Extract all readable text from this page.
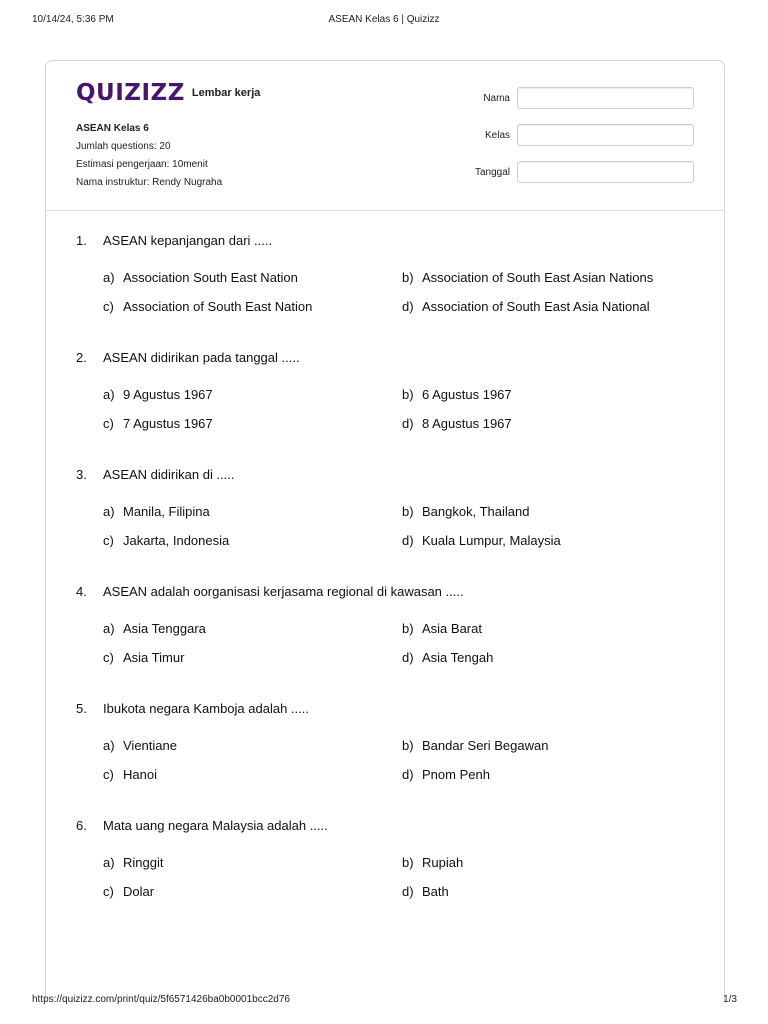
10/14/24, 5:36 PM	ASEAN Kelas 6 | Quizizz
QUIZIZZ Lembar kerja
ASEAN Kelas 6
Jumlah questions: 20
Estimasi pengerjaan: 10menit
Nama instruktur: Rendy Nugraha
Nama
Kelas
Tanggal
1. ASEAN kepanjangan dari .....
a) Association South East Nation	b) Association of South East Asian Nations
c) Association of South East Nation	d) Association of South East Asia National
2. ASEAN didirikan pada tanggal .....
a) 9 Agustus 1967	b) 6 Agustus 1967
c) 7 Agustus 1967	d) 8 Agustus 1967
3. ASEAN didirikan di .....
a) Manila, Filipina	b) Bangkok, Thailand
c) Jakarta, Indonesia	d) Kuala Lumpur, Malaysia
4. ASEAN adalah oorganisasi kerjasama regional di kawasan .....
a) Asia Tenggara	b) Asia Barat
c) Asia Timur	d) Asia Tengah
5. Ibukota negara Kamboja adalah .....
a) Vientiane	b) Bandar Seri Begawan
c) Hanoi	d) Pnom Penh
6. Mata uang negara Malaysia adalah .....
a) Ringgit	b) Rupiah
c) Dolar	d) Bath
https://quizizz.com/print/quiz/5f6571426ba0b0001bcc2d76	1/3
